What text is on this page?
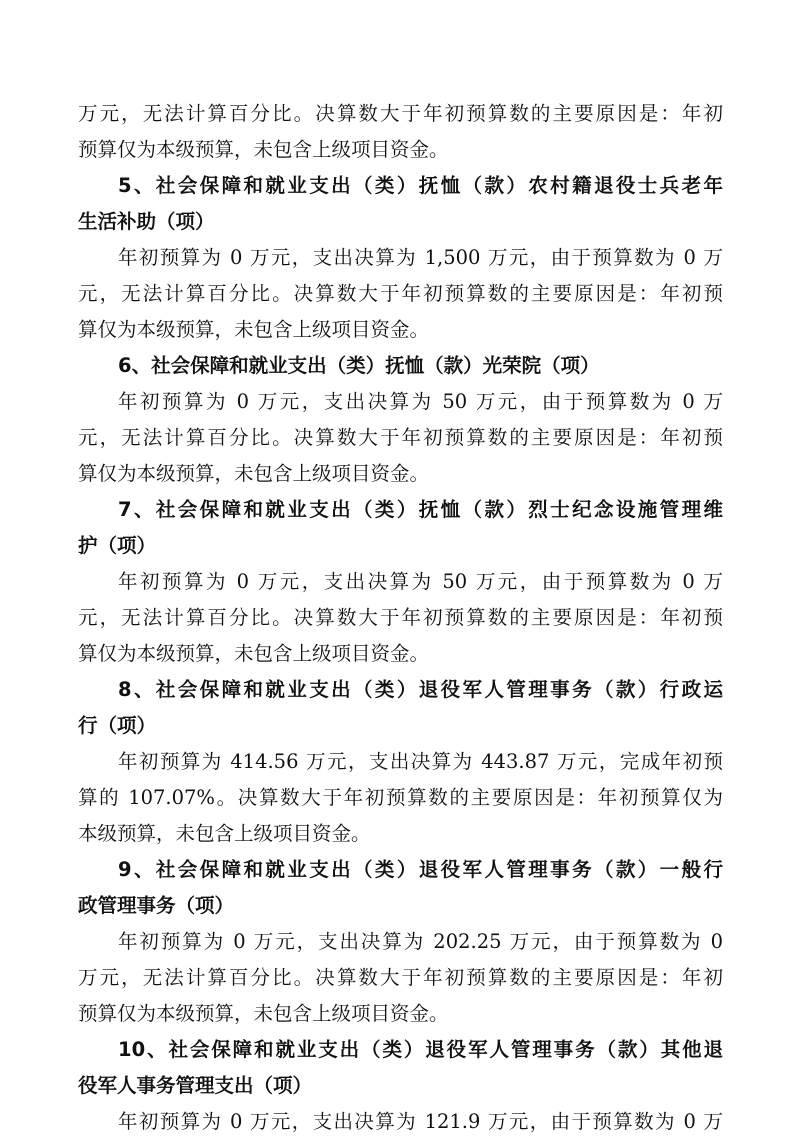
万元，无法计算百分比。决算数大于年初预算数的主要原因是：年初
预算仅为本级预算，未包含上级项目资金。
5、社会保障和就业支出（类）抚恤（款）农村籍退役士兵老年
生活补助（项）
年初预算为 0 万元，支出决算为 1,500 万元，由于预算数为 0 万
元，无法计算百分比。决算数大于年初预算数的主要原因是：年初预
算仅为本级预算，未包含上级项目资金。
6、社会保障和就业支出（类）抚恤（款）光荣院（项）
年初预算为 0 万元，支出决算为 50 万元，由于预算数为 0 万
元，无法计算百分比。决算数大于年初预算数的主要原因是：年初预
算仅为本级预算，未包含上级项目资金。
7、社会保障和就业支出（类）抚恤（款）烈士纪念设施管理维
护（项）
年初预算为 0 万元，支出决算为 50 万元，由于预算数为 0 万
元，无法计算百分比。决算数大于年初预算数的主要原因是：年初预
算仅为本级预算，未包含上级项目资金。
8、社会保障和就业支出（类）退役军人管理事务（款）行政运
行（项）
年初预算为 414.56 万元，支出决算为 443.87 万元，完成年初预
算的 107.07%。决算数大于年初预算数的主要原因是：年初预算仅为
本级预算，未包含上级项目资金。
9、社会保障和就业支出（类）退役军人管理事务（款）一般行
政管理事务（项）
年初预算为 0 万元，支出决算为 202.25 万元，由于预算数为 0
万元，无法计算百分比。决算数大于年初预算数的主要原因是：年初
预算仅为本级预算，未包含上级项目资金。
10、社会保障和就业支出（类）退役军人管理事务（款）其他退
役军人事务管理支出（项）
年初预算为 0 万元，支出决算为 121.9 万元，由于预算数为 0 万
